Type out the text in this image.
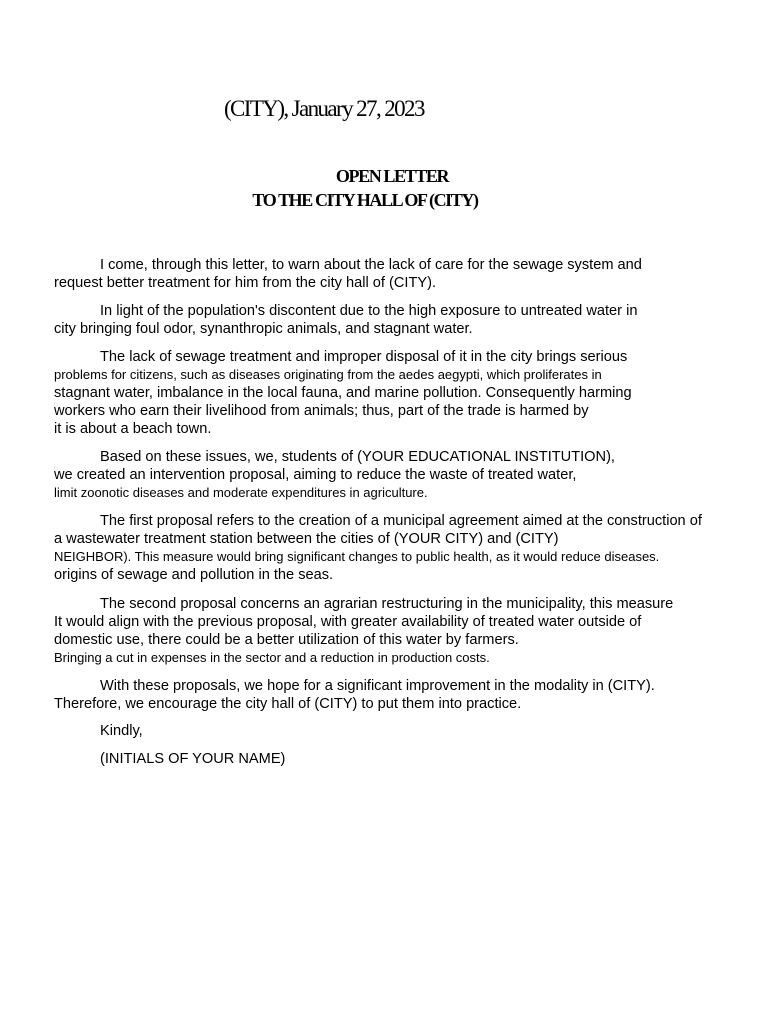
(CITY), January 27, 2023
OPEN LETTER
TO THE CITY HALL OF (CITY)
I come, through this letter, to warn about the lack of care for the sewage system and
request better treatment for him from the city hall of (CITY).
In light of the population's discontent due to the high exposure to untreated water in
city bringing foul odor, synanthropic animals, and stagnant water.
The lack of sewage treatment and improper disposal of it in the city brings serious
problems for citizens, such as diseases originating from the aedes aegypti, which proliferates in
stagnant water, imbalance in the local fauna, and marine pollution. Consequently harming
workers who earn their livelihood from animals; thus, part of the trade is harmed by
it is about a beach town.
Based on these issues, we, students of (YOUR EDUCATIONAL INSTITUTION),
we created an intervention proposal, aiming to reduce the waste of treated water,
limit zoonotic diseases and moderate expenditures in agriculture.
The first proposal refers to the creation of a municipal agreement aimed at the construction of
a wastewater treatment station between the cities of (YOUR CITY) and (CITY)
NEIGHBOR). This measure would bring significant changes to public health, as it would reduce diseases.
origins of sewage and pollution in the seas.
The second proposal concerns an agrarian restructuring in the municipality, this measure
It would align with the previous proposal, with greater availability of treated water outside of
domestic use, there could be a better utilization of this water by farmers.
Bringing a cut in expenses in the sector and a reduction in production costs.
With these proposals, we hope for a significant improvement in the modality in (CITY).
Therefore, we encourage the city hall of (CITY) to put them into practice.
Kindly,
(INITIALS OF YOUR NAME)
